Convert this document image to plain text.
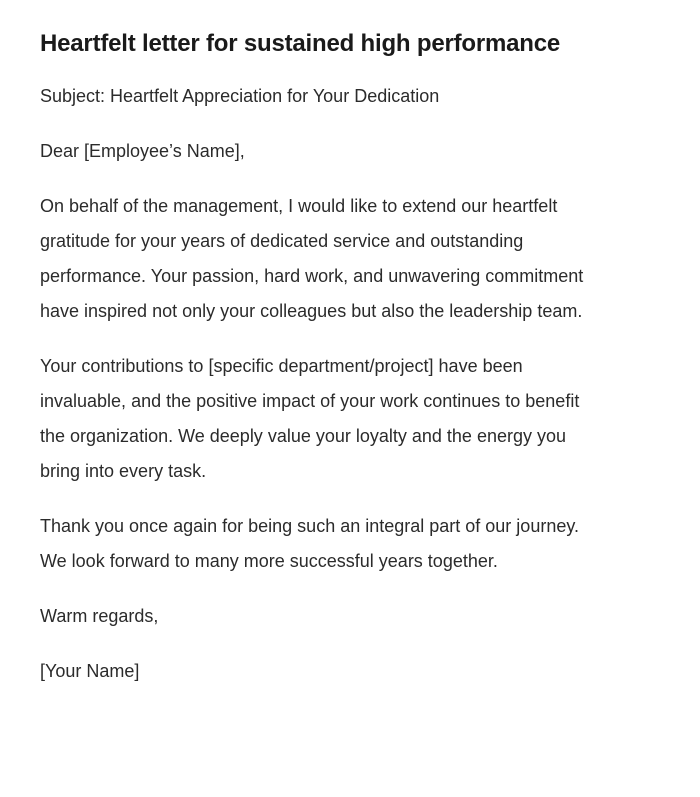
Heartfelt letter for sustained high performance

Subject: Heartfelt Appreciation for Your Dedication

Dear [Employee’s Name],

On behalf of the management, I would like to extend our heartfelt gratitude for your years of dedicated service and outstanding performance. Your passion, hard work, and unwavering commitment have inspired not only your colleagues but also the leadership team.

Your contributions to [specific department/project] have been invaluable, and the positive impact of your work continues to benefit the organization. We deeply value your loyalty and the energy you bring into every task.

Thank you once again for being such an integral part of our journey. We look forward to many more successful years together.

Warm regards,

[Your Name]
